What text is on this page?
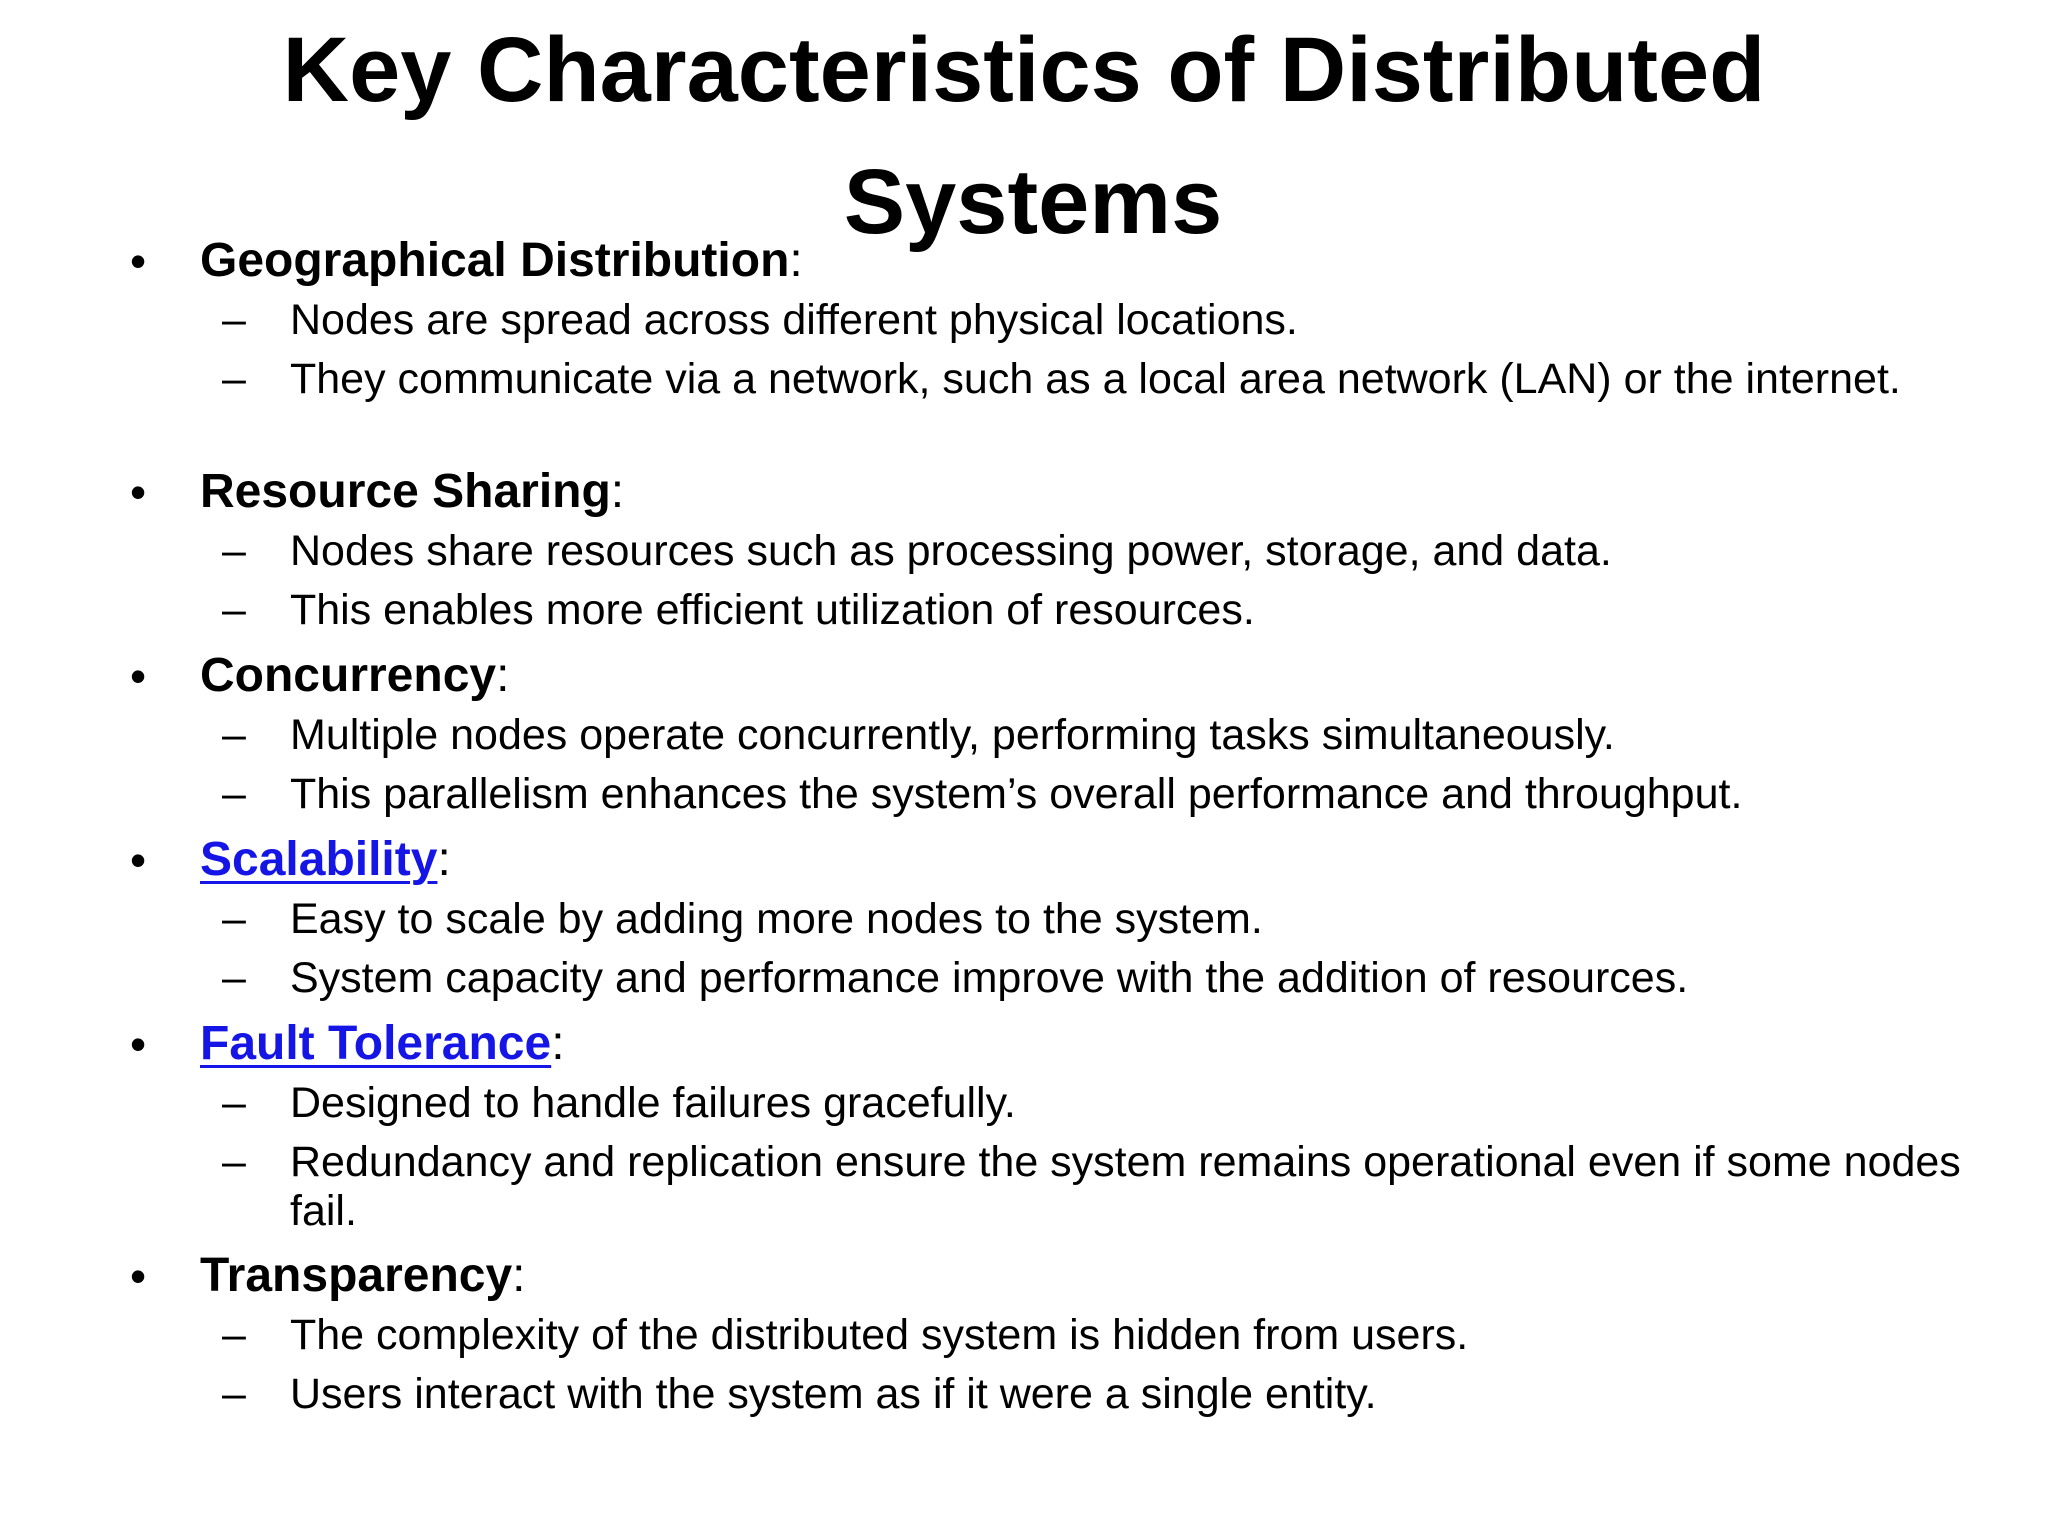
Key Characteristics of Distributed
Systems
• Geographical Distribution:
– Nodes are spread across different physical locations.
– They communicate via a network, such as a local area network (LAN) or the internet.
• Resource Sharing:
– Nodes share resources such as processing power, storage, and data.
– This enables more efficient utilization of resources.
• Concurrency:
– Multiple nodes operate concurrently, performing tasks simultaneously.
– This parallelism enhances the system’s overall performance and throughput.
• Scalability:
– Easy to scale by adding more nodes to the system.
– System capacity and performance improve with the addition of resources.
• Fault Tolerance:
– Designed to handle failures gracefully.
– Redundancy and replication ensure the system remains operational even if some nodes fail.
• Transparency:
– The complexity of the distributed system is hidden from users.
– Users interact with the system as if it were a single entity.
